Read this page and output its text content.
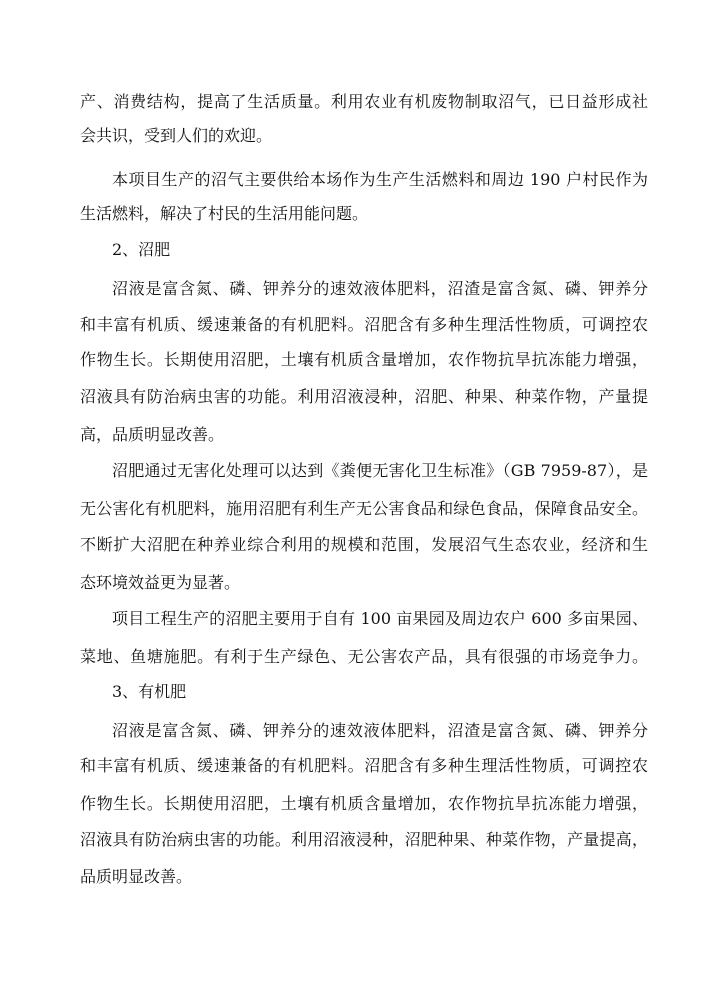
产、消费结构，提高了生活质量。利用农业有机废物制取沼气，已日益形成社
会共识，受到人们的欢迎。
本项目生产的沼气主要供给本场作为生产生活燃料和周边 190 户村民作为
生活燃料，解决了村民的生活用能问题。
2、沼肥
沼液是富含氮、磷、钾养分的速效液体肥料，沼渣是富含氮、磷、钾养分
和丰富有机质、缓速兼备的有机肥料。沼肥含有多种生理活性物质，可调控农
作物生长。长期使用沼肥，土壤有机质含量增加，农作物抗旱抗冻能力增强，
沼液具有防治病虫害的功能。利用沼液浸种，沼肥、种果、种菜作物，产量提
高，品质明显改善。
沼肥通过无害化处理可以达到《粪便无害化卫生标准》（GB 7959-87），是
无公害化有机肥料，施用沼肥有利生产无公害食品和绿色食品，保障食品安全。
不断扩大沼肥在种养业综合利用的规模和范围，发展沼气生态农业，经济和生
态环境效益更为显著。
项目工程生产的沼肥主要用于自有 100 亩果园及周边农户 600 多亩果园、
菜地、鱼塘施肥。有利于生产绿色、无公害农产品，具有很强的市场竞争力。
3、有机肥
沼液是富含氮、磷、钾养分的速效液体肥料，沼渣是富含氮、磷、钾养分
和丰富有机质、缓速兼备的有机肥料。沼肥含有多种生理活性物质，可调控农
作物生长。长期使用沼肥，土壤有机质含量增加，农作物抗旱抗冻能力增强，
沼液具有防治病虫害的功能。利用沼液浸种，沼肥种果、种菜作物，产量提高，
品质明显改善。
